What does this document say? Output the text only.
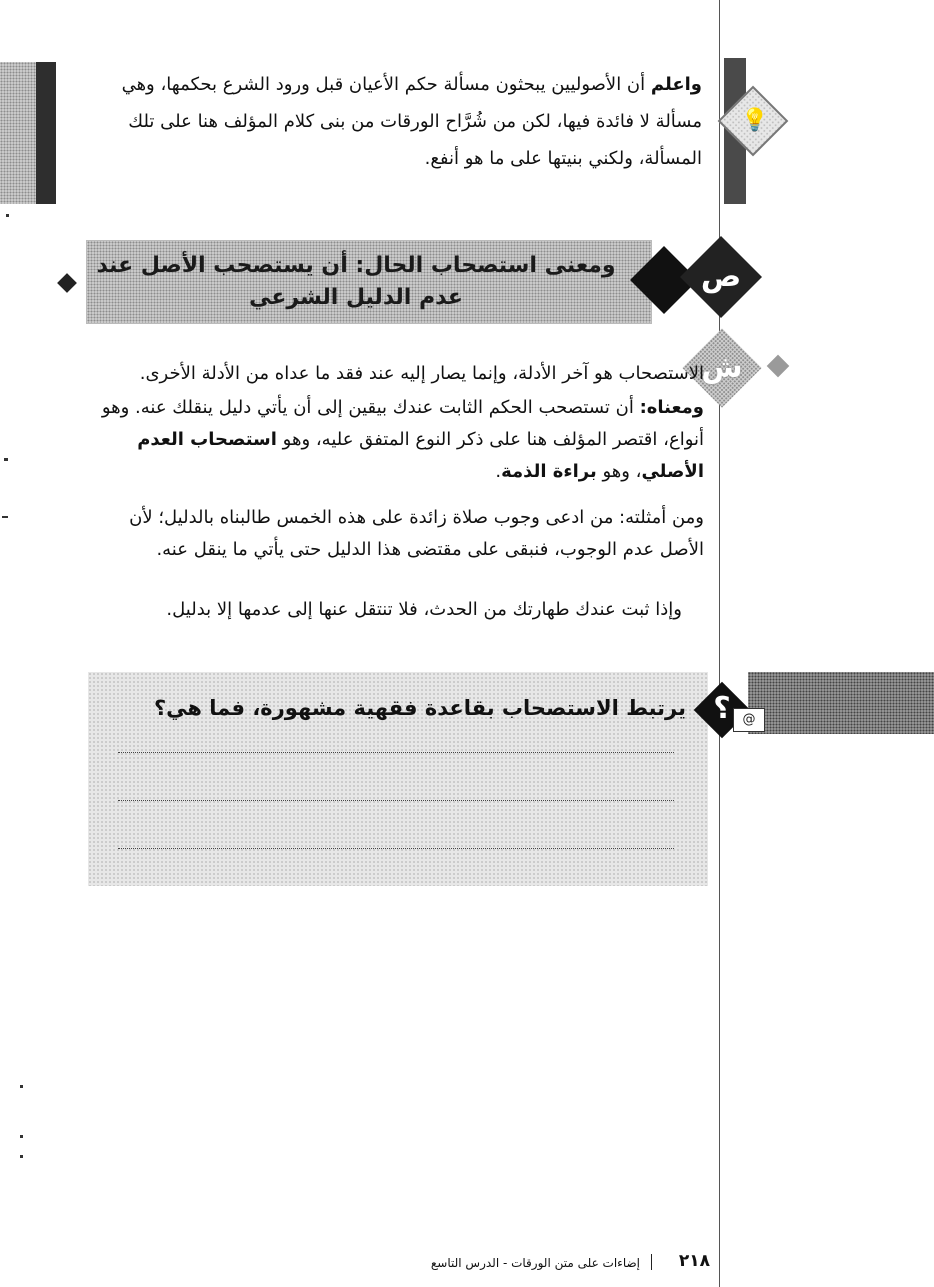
💡
واعلم أن الأصوليين يبحثون مسألة حكم الأعيان قبل ورود الشرع بحكمها، وهي مسألة لا فائدة فيها، لكن من شُرَّاح الورقات من بنى كلام المؤلف هنا على تلك المسألة، ولكني بنيتها على ما هو أنفع.
ومعنى استصحاب الحال: أن يستصحب الأصل عند عدم الدليل الشرعي
ص
ش
الاستصحاب هو آخر الأدلة، وإنما يصار إليه عند فقد ما عداه من الأدلة الأخرى.
ومعناه: أن تستصحب الحكم الثابت عندك بيقين إلى أن يأتي دليل ينقلك عنه. وهو أنواع، اقتصر المؤلف هنا على ذكر النوع المتفق عليه، وهو استصحاب العدم الأصلي، وهو براءة الذمة.
ومن أمثلته: من ادعى وجوب صلاة زائدة على هذه الخمس طالبناه بالدليل؛ لأن الأصل عدم الوجوب، فنبقى على مقتضى هذا الدليل حتى يأتي ما ينقل عنه.
وإذا ثبت عندك طهارتك من الحدث، فلا تنتقل عنها إلى عدمها إلا بدليل.
؟ @
يرتبط الاستصحاب بقاعدة فقهية مشهورة، فما هي؟
إضاءات على متن الورقات - الدرس التاسع	٢١٨
